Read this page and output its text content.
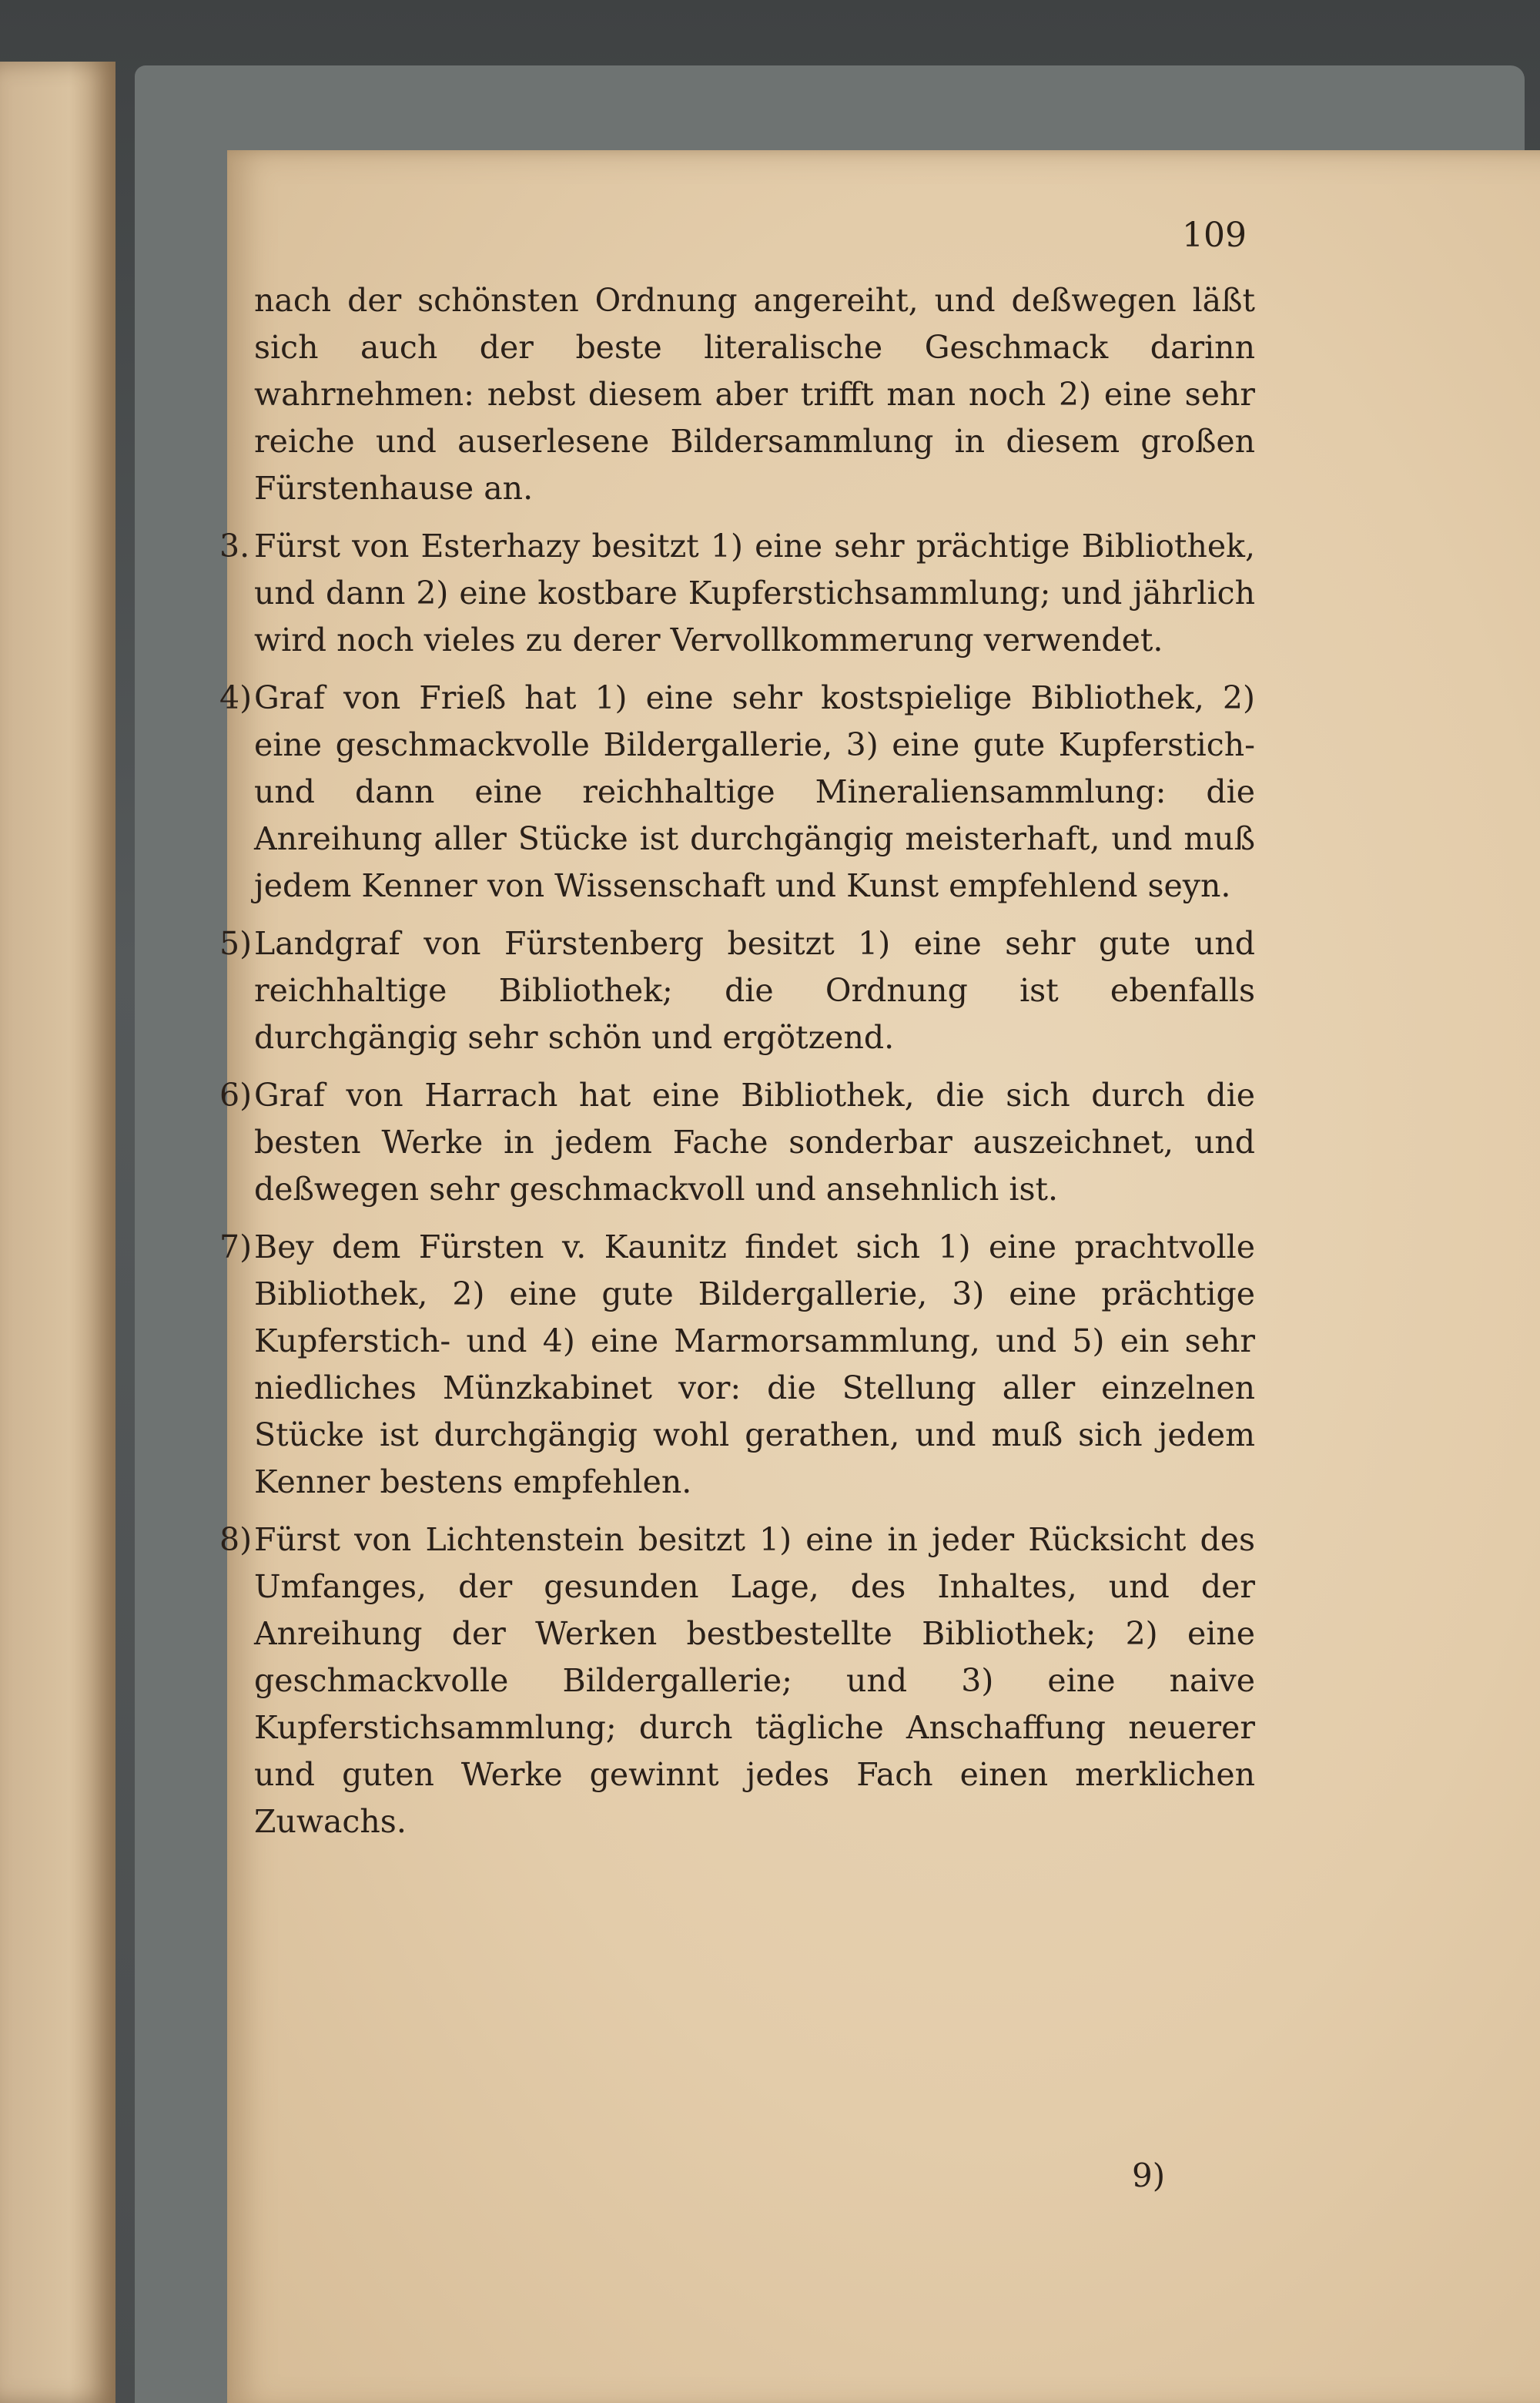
109

nach der schönsten Ordnung angereiht, und deßwegen läßt sich auch der beste literalische Geschmack darinn wahrnehmen: nebst diesem aber trifft man noch 2) eine sehr reiche und auserlesene Bildersammlung in diesem großen Fürstenhause an.

3. Fürst von Esterhazy besitzt 1) eine sehr prächtige Bibliothek, und dann 2) eine kostbare Kupferstichsammlung; und jährlich wird noch vieles zu derer Vervollkommerung verwendet.

4)Graf von Frieß hat 1) eine sehr kostspielige Bibliothek, 2) eine geschmackvolle Bildergallerie, 3) eine gute Kupferstich- und dann eine reichhaltige Mineraliensammlung: die Anreihung aller Stücke ist durchgängig meisterhaft, und muß jedem Kenner von Wissenschaft und Kunst empfehlend seyn.

5)Landgraf von Fürstenberg besitzt 1) eine sehr gute und reichhaltige Bibliothek; die Ordnung ist ebenfalls durchgängig sehr schön und ergötzend.

6)Graf von Harrach hat eine Bibliothek, die sich durch die besten Werke in jedem Fache sonderbar auszeichnet, und deßwegen sehr geschmackvoll und ansehnlich ist.

7)Bey dem Fürsten v. Kaunitz findet sich 1) eine prachtvolle Bibliothek, 2) eine gute Bildergallerie, 3) eine prächtige Kupferstich- und 4) eine Marmorsammlung, und 5) ein sehr niedliches Münzkabinet vor: die Stellung aller einzelnen Stücke ist durchgängig wohl gerathen, und muß sich jedem Kenner bestens empfehlen.

8)Fürst von Lichtenstein besitzt 1) eine in jeder Rücksicht des Umfanges, der gesunden Lage, des Inhaltes, und der Anreihung der Werken bestbestellte Bibliothek; 2) eine geschmackvolle Bildergallerie; und 3) eine naive Kupferstichsammlung; durch tägliche Anschaffung neuerer und guten Werke gewinnt jedes Fach einen merklichen Zuwachs.

9)
